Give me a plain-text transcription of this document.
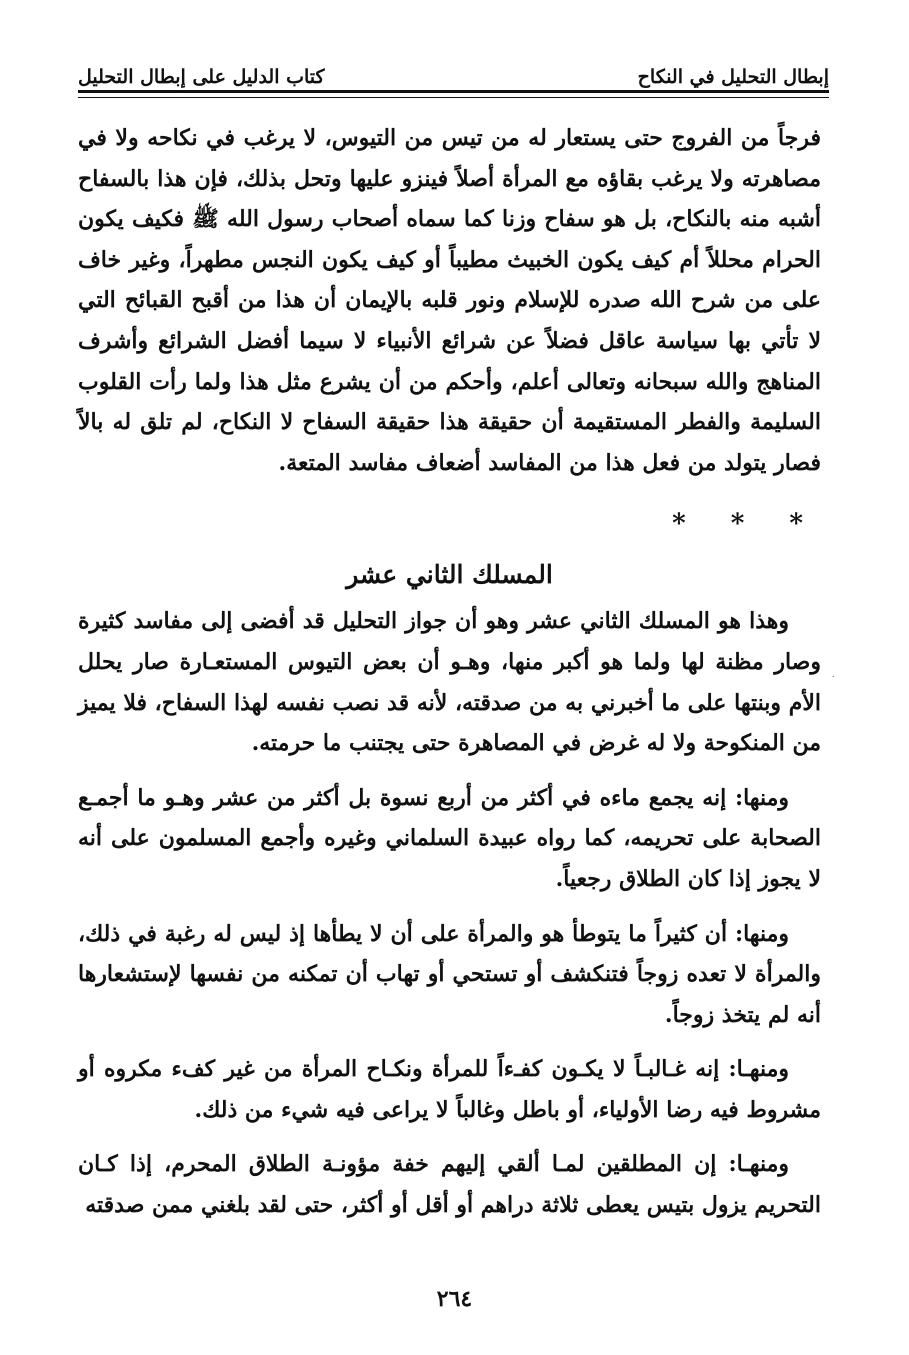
إبطال التحليل في النكاح
كتاب الدليل على إبطال التحليل

فرجاً من الفروج حتى يستعار له من تيس من التيوس، لا يرغب في نكاحه ولا في مصاهرته ولا يرغب بقاؤه مع المرأة أصلاً فينزو عليها وتحل بذلك، فإن هذا بالسفاح أشبه منه بالنكاح، بل هو سفاح وزنا كما سماه أصحاب رسول الله ﷺ فكيف يكون الحرام محللاً أم كيف يكون الخبيث مطيباً أو كيف يكون النجس مطهراً، وغير خاف على من شرح الله صدره للإسلام ونور قلبه بالإيمان أن هذا من أقبح القبائح التي لا تأتي بها سياسة عاقل فضلاً عن شرائع الأنبياء لا سيما أفضل الشرائع وأشرف المناهج والله سبحانه وتعالى أعلم، وأحكم من أن يشرع مثل هذا ولما رأت القلوب السليمة والفطر المستقيمة أن حقيقة هذا حقيقة السفاح لا النكاح، لم تلق له بالاً فصار يتولد من فعل هذا من المفاسد أضعاف مفاسد المتعة.

* * *
المسلك الثاني عشر

وهذا هو المسلك الثاني عشر وهو أن جواز التحليل قد أفضى إلى مفاسد كثيرة وصار مظنة لها ولما هو أكبر منها، وهـو أن بعض التيوس المستعـارة صار يحلل الأم وبنتها على ما أخبرني به من صدقته، لأنه قد نصب نفسه لهذا السفاح، فلا يميز من المنكوحة ولا له غرض في المصاهرة حتى يجتنب ما حرمته.

ومنها: إنه يجمع ماءه في أكثر من أربع نسوة بل أكثر من عشر وهـو ما أجمـع الصحابة على تحريمه، كما رواه عبيدة السلماني وغيره وأجمع المسلمون على أنه لا يجوز إذا كان الطلاق رجعياً.

ومنها: أن كثيراً ما يتوطأ هو والمرأة على أن لا يطأها إذ ليس له رغبة في ذلك، والمرأة لا تعده زوجاً فتنكشف أو تستحي أو تهاب أن تمكنه من نفسها لإستشعارها أنه لم يتخذ زوجاً.

ومنهـا: إنه غـالبـاً لا يكـون كفـءاً للمرأة ونكـاح المرأة من غير كفء مكروه أو مشروط فيه رضا الأولياء، أو باطل وغالباً لا يراعى فيه شيء من ذلك.

ومنهـا: إن المطلقين لمـا ألقي إليهم خفة مؤونـة الطلاق المحرم، إذا كـان التحريم يزول بتيس يعطى ثلاثة دراهم أو أقل أو أكثر، حتى لقد بلغني ممن صدقته

٢٦٤
